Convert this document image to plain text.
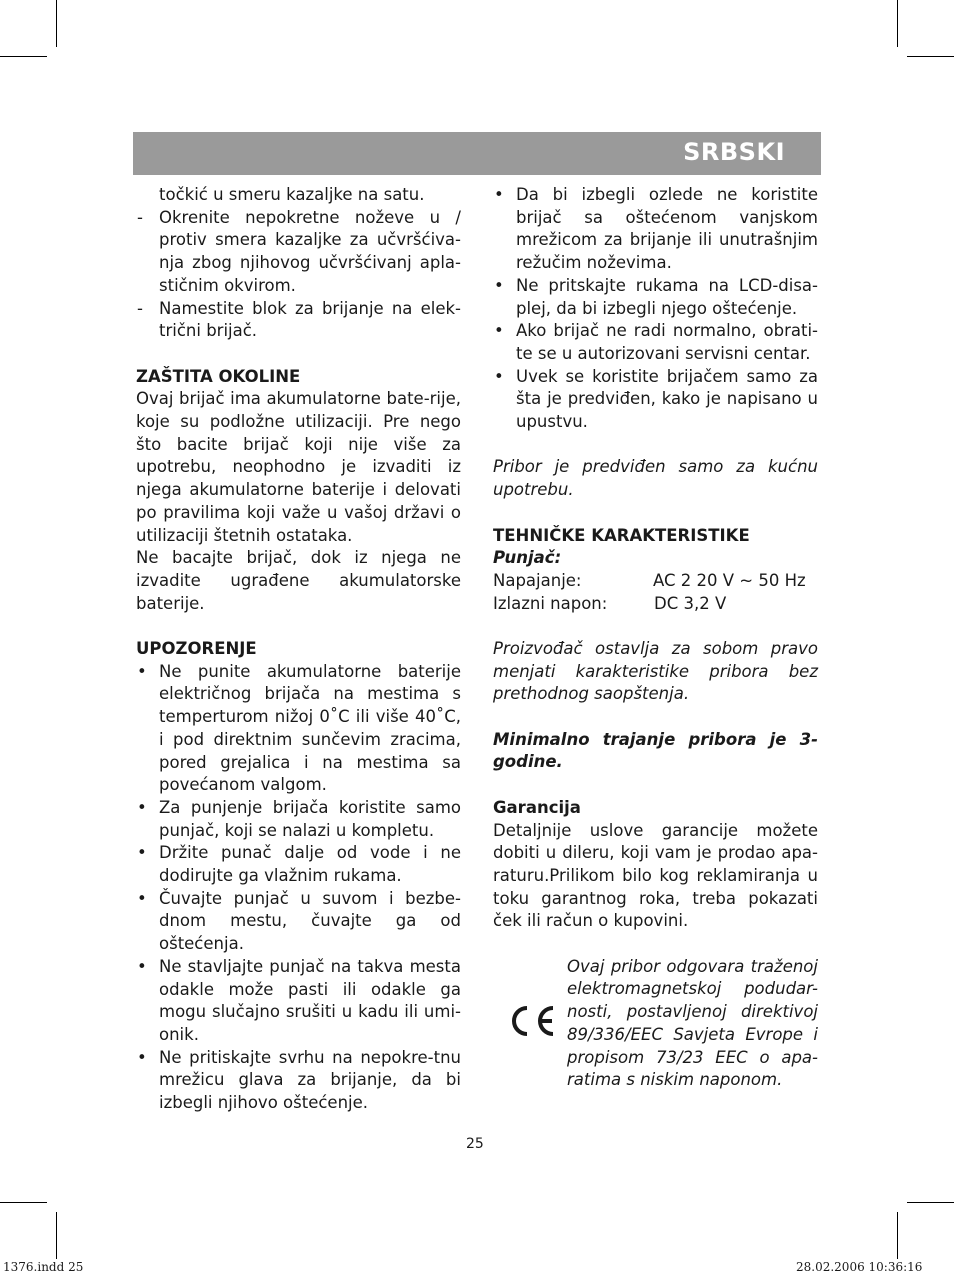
SRBSKI

točkić u smeru kazaljke na satu.

- Okrenite nepokretne noževe u / protiv smera kazaljke za učvršćiva-nja zbog njihovog učvršćivanj apla-stičnim okvirom.
- Namestite blok za brijanje na elek-trični brijač.

ZAŠTITA OKOLINE

Ovaj brijač ima akumulatorne bate-rije, koje su podložne utilizaciji. Pre nego što bacite brijač koji nije više za upotrebu, neophodno je izvaditi iz njega akumulatorne baterije i delovati po pravilima koji važe u vašoj državi o utilizaciji štetnih ostataka.

Ne bacajte brijač, dok iz njega ne izvadite ugrađene akumulatorske baterije.

UPOZORENJE

• Ne punite akumulatorne baterije električnog brijača na mestima s temperturom nižoj 0˚C ili više 40˚C, i pod direktnim sunčevim zracima, pored grejalica i na mestima sa povećanom valgom.
• Za punjenje brijača koristite samo punjač, koji se nalazi u kompletu.
• Držite punač dalje od vode i ne dodirujte ga vlažnim rukama.
• Čuvajte punjač u suvom i bezbe-dnom mestu, čuvajte ga od oštećenja.
• Ne stavljajte punjač na takva mesta odakle može pasti ili odakle ga mogu slučajno srušiti u kadu ili umi-onik.
• Ne pritiskajte svrhu na nepokre-tnu mrežicu glava za brijanje, da bi izbegli njihovo oštećenje.
• Da bi izbegli ozlede ne koristite brijač sa oštećenom vanjskom mrežicom za brijanje ili unutrašnjim režučim noževima.
• Ne pritskajte rukama na LCD-disa-plej, da bi izbegli njego oštećenje.
• Ako brijač ne radi normalno, obrati-te se u autorizovani servisni centar.
• Uvek se koristite brijačem samo za šta je predviđen, kako je napisano u upustvu.

Pribor je predviđen samo za kućnu upotrebu.

TEHNIČKE KARAKTERISTIKE

Punjač:

Napajanje:	AC 2 20 V ~ 50 Hz
Izlazni napon:	DC 3,2 V

Proizvođač ostavlja za sobom pravo menjati karakteristike pribora bez prethodnog saopštenja.

Minimalno trajanje pribora je 3-godine.

Garancija

Detaljnije uslove garancije možete dobiti u dileru, koji vam je prodao apa-raturu.Prilikom bilo kog reklamiranja u toku garantnog roka, treba pokazati ček ili račun o kupovini.

Ovaj pribor odgovara traženoj elektromagnetskoj podudar-nosti, postavljenoj direktivoj 89/336/EEC Savjeta Evrope i propisom 73/23 EEC o apa-ratima s niskim naponom.

25
1376.indd 25	28.02.2006 10:36:16
